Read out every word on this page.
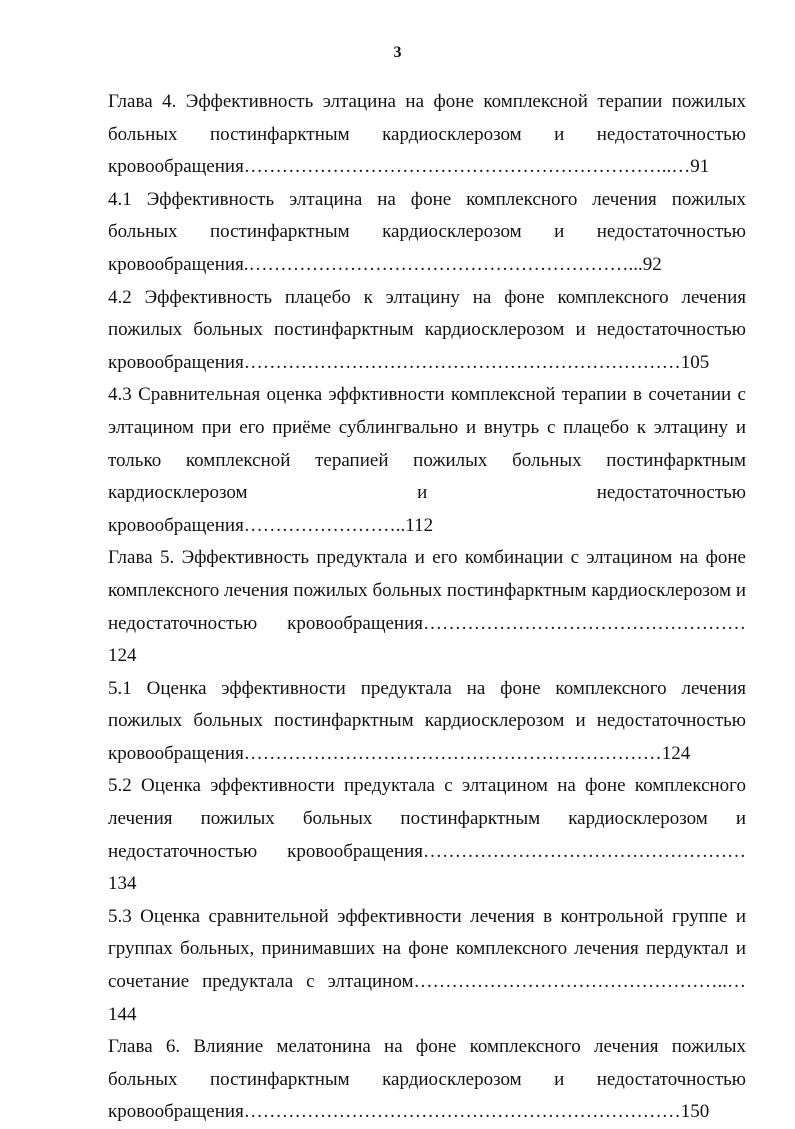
3
Глава 4. Эффективность элтацина на фоне комплексной терапии пожилых
больных постинфарктным кардиосклерозом и недостаточностью
кровообращения…………………………………………………………..…91
4.1 Эффективность элтацина на фоне комплексного лечения пожилых
больных постинфарктным кардиосклерозом и недостаточностью
кровообращения.……………………………………………………...92
4.2 Эффективность плацебо к элтацину на фоне комплексного лечения
пожилых больных постинфарктным кардиосклерозом и недостаточностью
кровообращения……………………………………………………………105
4.3 Сравнительная оценка эффктивности комплексной терапии в сочетании с
элтацином при его приёме сублингвально и внутрь с плацебо к элтацину и
только комплексной терапией пожилых больных постинфарктным
кардиосклерозом и недостаточностью кровообращения……………………..112
Глава 5. Эффективность предуктала и его комбинации с элтацином на фоне
комплексного лечения пожилых больных постинфарктным кардиосклерозом и
недостаточностью кровообращения……………………………………………124
5.1 Оценка эффективности предуктала на фоне комплексного лечения
пожилых больных постинфарктным кардиосклерозом и недостаточностью
кровообращения…………………………………………………………124
5.2 Оценка эффективности предуктала с элтацином на фоне комплексного
лечения пожилых больных постинфарктным кардиосклерозом и
недостаточностью кровообращения……………………………………………134
5.3 Оценка сравнительной эффективности лечения в контрольной группе и
группах больных, принимавших на фоне комплексного лечения пердуктал и
сочетание предуктала с элтацином…………………………………………..…144
Глава 6. Влияние мелатонина на фоне комплексного лечения пожилых
больных постинфарктным кардиосклерозом и недостаточностью
кровообращения……………………………………………………………150
